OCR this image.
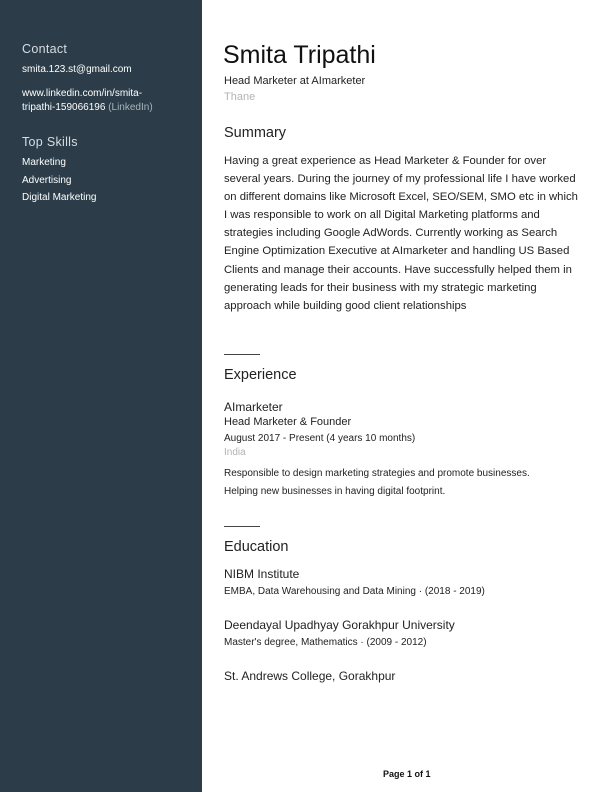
Contact
smita.123.st@gmail.com
www.linkedin.com/in/smita-
tripathi-159066196 (LinkedIn)
Top Skills
Marketing
Advertising
Digital Marketing
Smita Tripathi
Head Marketer at AImarketer
Thane
Summary
Having a great experience as Head Marketer & Founder for over several years. During the journey of my professional life I have worked on different domains like Microsoft Excel, SEO/SEM, SMO etc in which I was responsible to work on all Digital Marketing platforms and strategies including Google AdWords. Currently working as Search Engine Optimization Executive at AImarketer and handling US Based Clients and manage their accounts. Have successfully helped them in generating leads for their business with my strategic marketing approach while building good client relationships
Experience
AImarketer
Head Marketer & Founder
August 2017 - Present (4 years 10 months)
India
Responsible to design marketing strategies and promote businesses.
Helping new businesses in having digital footprint.
Education
NIBM Institute
EMBA, Data Warehousing and Data Mining · (2018 - 2019)
Deendayal Upadhyay Gorakhpur University
Master's degree, Mathematics · (2009 - 2012)
St. Andrews College, Gorakhpur
Page 1 of 1
